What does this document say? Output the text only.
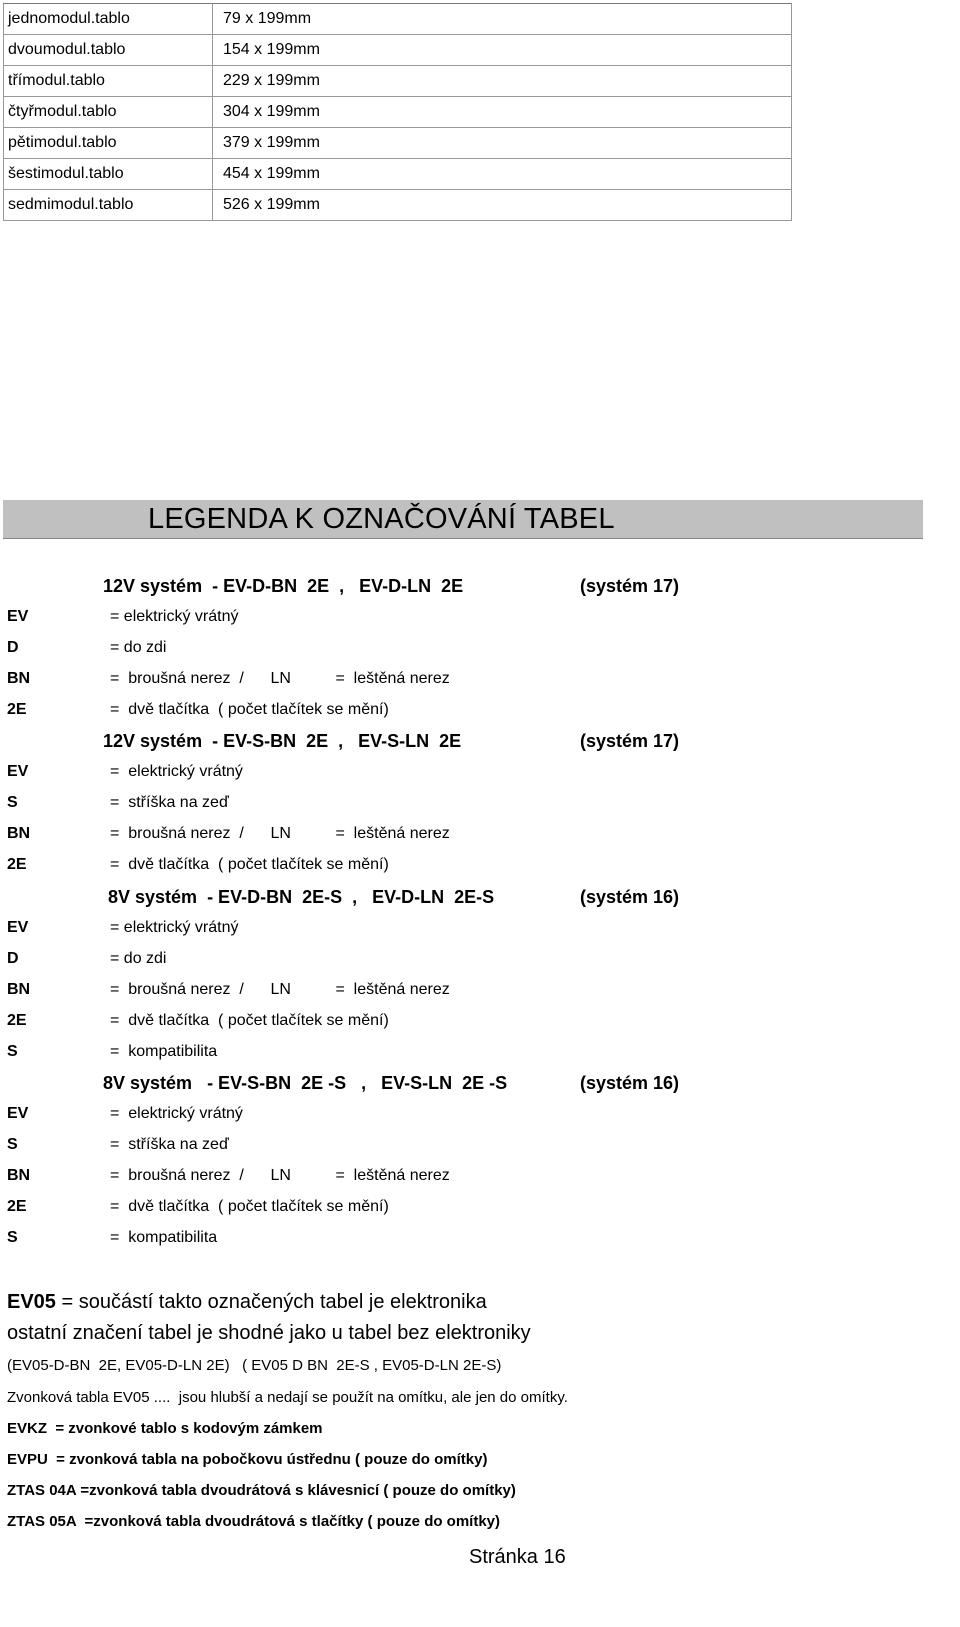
jednomodul.tablo	79 x 199mm
dvoumodul.tablo	154 x 199mm
třímodul.tablo	229 x 199mm
čtyřmodul.tablo	304 x 199mm
pětimodul.tablo	379 x 199mm
šestimodul.tablo	454 x 199mm
sedmimodul.tablo	526 x 199mm
LEGENDA K OZNAČOVÁNÍ TABEL
12V systém  - EV-D-BN  2E  ,   EV-D-LN  2E	(systém 17)
EV	= elektrický vrátný
D	= do zdi
BN	=  broušná nerez  /      LN          =  leštěná nerez
2E	=  dvě tlačítka  ( počet tlačítek se mění)
12V systém  - EV-S-BN  2E  ,   EV-S-LN  2E	(systém 17)
EV	=  elektrický vrátný
S	=  stříška na zeď
BN	=  broušná nerez  /      LN          =  leštěná nerez
2E	=  dvě tlačítka  ( počet tlačítek se mění)
8V systém  - EV-D-BN  2E-S  ,   EV-D-LN  2E-S	(systém 16)
EV	= elektrický vrátný
D	= do zdi
BN	=  broušná nerez  /      LN          =  leštěná nerez
2E	=  dvě tlačítka  ( počet tlačítek se mění)
S	=  kompatibilita
8V systém   - EV-S-BN  2E -S   ,   EV-S-LN  2E -S	(systém 16)
EV	=  elektrický vrátný
S	=  stříška na zeď
BN	=  broušná nerez  /      LN          =  leštěná nerez
2E	=  dvě tlačítka  ( počet tlačítek se mění)
S	=  kompatibilita
EV05 = součástí takto označených tabel je elektronika
ostatní značení tabel je shodné jako u tabel bez elektroniky
(EV05-D-BN  2E, EV05-D-LN 2E)   ( EV05 D BN  2E-S , EV05-D-LN 2E-S)
Zvonková tabla EV05 ....  jsou hlubší a nedají se použít na omítku, ale jen do omítky.
EVKZ  = zvonkové tablo s kodovým zámkem
EVPU  = zvonková tabla na pobočkovu ústřednu ( pouze do omítky)
ZTAS 04A =zvonková tabla dvoudrátová s klávesnicí ( pouze do omítky)
ZTAS 05A  =zvonková tabla dvoudrátová s tlačítky ( pouze do omítky)
Stránka 16
